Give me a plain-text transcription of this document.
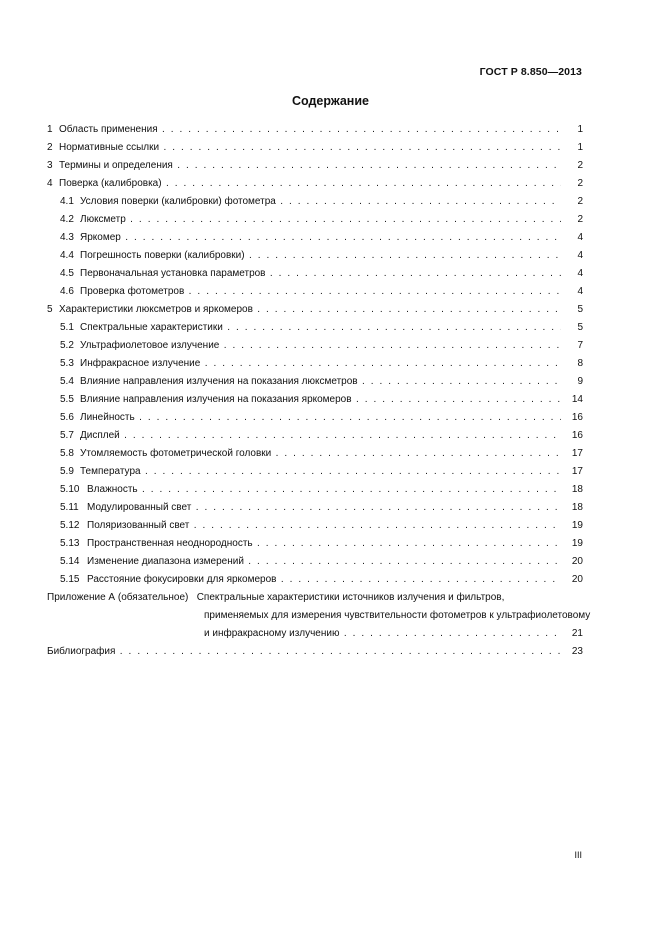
ГОСТ Р 8.850—2013
Содержание
1 Область применения . . .	1
2 Нормативные ссылки . . .	1
3 Термины и определения . . .	2
4 Поверка (калибровка) . . .	2
4.1 Условия поверки (калибровки) фотометра . . .	2
4.2 Люксметр . . .	2
4.3 Яркомер . . .	4
4.4 Погрешность поверки (калибровки) . . .	4
4.5 Первоначальная установка параметров . . .	4
4.6 Проверка фотометров . . .	4
5 Характеристики люксметров и яркомеров . . .	5
5.1 Спектральные характеристики . . .	5
5.2 Ультрафиолетовое излучение . . .	7
5.3 Инфракрасное излучение . . .	8
5.4 Влияние направления излучения на показания люксметров . . .	9
5.5 Влияние направления излучения на показания яркомеров . . .	14
5.6 Линейность . . .	16
5.7 Дисплей . . .	16
5.8 Утомляемость фотометрической головки . . .	17
5.9 Температура . . .	17
5.10 Влажность . . .	18
5.11 Модулированный свет . . .	18
5.12 Поляризованный свет . . .	19
5.13 Пространственная неоднородность . . .	19
5.14 Изменение диапазона измерений . . .	20
5.15 Расстояние фокусировки для яркомеров . . .	20
Приложение А (обязательное) Спектральные характеристики источников излучения и фильтров,
применяемых для измерения чувствительности фотометров к ультрафиолетовому
и инфракрасному излучению . . .	21
Библиография . . .	23
III
